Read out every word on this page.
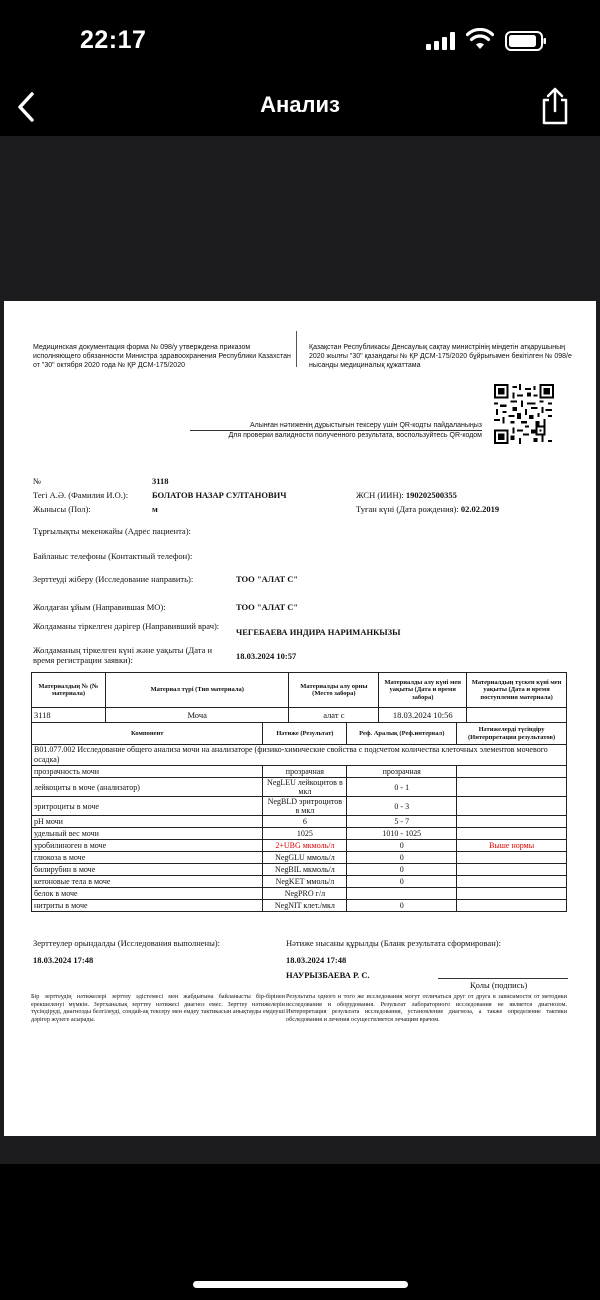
22:17
Анализ
Медицинская документация форма № 098/у утверждена приказом исполняющего обязанности Министра здравоохранения Республики Казахстан от "30" октября 2020 года № ҚР ДСМ-175/2020
Қазақстан Республикасы Денсаулық сақтау министрінің міндетін атқарушының 2020 жылғы "30" қазандағы № ҚР ДСМ-175/2020 бұйрығымен бекітілген № 098/е нысанды медициналық құжаттама
Алынған нәтиженің дұрыстығын тексеру үшін QR-кодты пайдаланыңыз
Для проверки валидности полученного результата, воспользуйтесь QR-кодом
№	3118
Тегі А.Ә. (Фамилия И.О.):	БОЛАТОВ НАЗАР СУЛТАНОВИЧ	ЖСН (ИИН): 190202500355
Жынысы (Пол):	м	Туған күні (Дата рождения): 02.02.2019
Тұрғылықты мекенжайы (Адрес пациента):
Байланыс телефоны (Контактный телефон):
Зерттеуді жіберу (Исследование направить):	ТОО "АЛАТ С"
Жолдаған ұйым (Направившая МО):	ТОО "АЛАТ С"
Жолдаманы тіркелген дәрігер (Направивший врач):
ЧЕГЕБАЕВА ИНДИРА НАРИМАНКЫЗЫ
Жолдаманың тіркелген күні және уақыты (Дата и время регистрации заявки):	18.03.2024 10:57
Материалдың № (№ материала)	Материал түрі (Тип материала)	Материалды алу орны (Место забора)	Материалды алу күні мен уақыты (Дата и время забора)	Материалдың түскен күні мен уақыты (Дата и время поступления материала)
3118	Моча	алат с	18.03.2024 10:56	
Компонент	Нәтиже (Результат)	Реф. Аралық (Реф.интервал)	Нәтижелерді түсіндіру (Интерпретация результатов)
B01.077.002 Исследование общего анализа мочи на анализаторе (физико-химические свойства с подсчетом количества клеточных элементов мочевого осадка)			
прозрачность мочи	прозрачная	прозрачная	
лейкоциты в моче (анализатор)	NegLEU лейкоцитов в мкл	0 - 1	
эритроциты в моче	NegBLD эритроцитов в мкл	0 - 3	
pH мочи	6	5 - 7	
удельный вес мочи	1025	1010 - 1025	
уробилиноген в моче	2+UBG мкмоль/л	0	Выше нормы
глюкоза в моче	NegGLU ммоль/л	0	
билирубин в моче	NegBIL мкмоль/л	0	
кетоновые тела в моче	NegKET ммоль/л	0	
белок в моче	NegPRO г/л		
нитриты в моче	NegNIT клет./мкл	0	
Зерттеулер орындалды (Исследования выполнены):
18.03.2024 17:48
Нәтиже нысаны құрылды (Бланк результата сформирован):
18.03.2024 17:48
НАУРЫЗБАЕВА Р. С.
Қолы (подпись)
Бір зерттеудің нәтижелері зерттеу әдістемесі мен жабдығына байланысты бір-бірінен ерекшеленуі мүмкін. Зертханалық зерттеу нәтижесі диагноз емес. Зерттеу нәтижелерін түсіндіруді, диагнозды белгілеуді, сондай-ақ тексеру мен емдеу тактикасын анықтауды емдеуші дәрігер жүзеге асырады.
Результаты одного и того же исследования могут отличаться друг от друга в зависимости от методики исследования и оборудования. Результат лабораторного исследования не является диагнозом. Интерпретация результата исследования, установление диагноза, а также определение тактики обследования и лечения осуществляется лечащим врачом.
